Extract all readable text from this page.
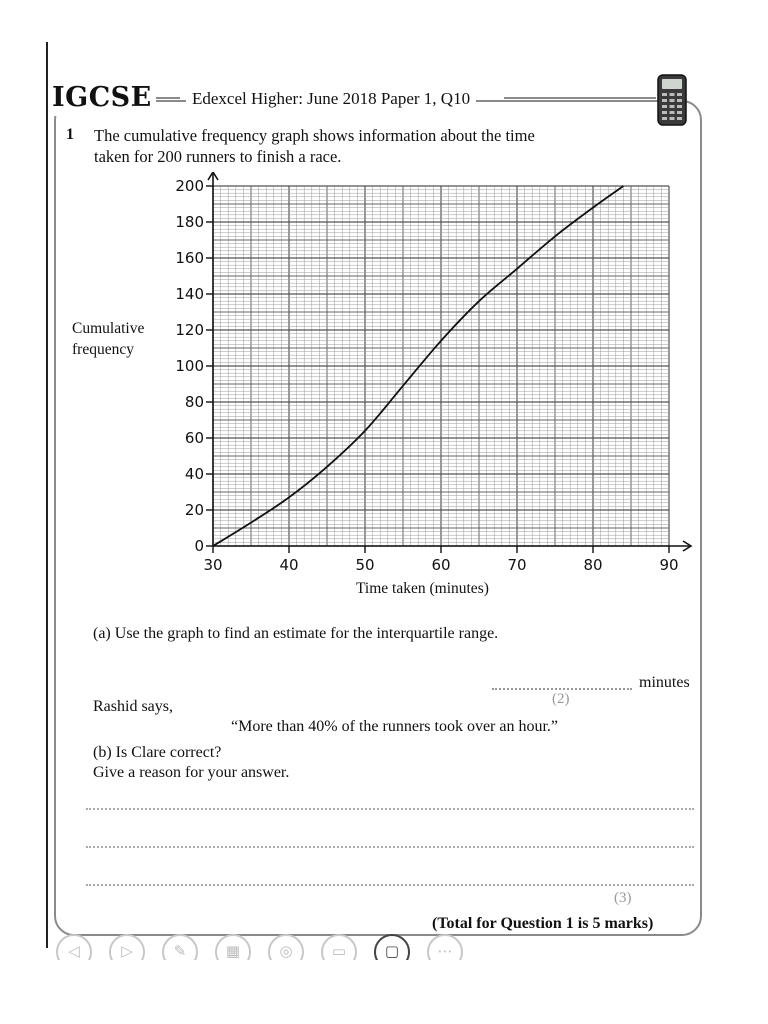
IGCSE	Edexcel Higher: June 2018 Paper 1, Q10
1 The cumulative frequency graph shows information about the time taken for 200 runners to finish a race.
Cumulative
frequency
0
20
40
60
80
100
120
140
160
180
200
30	40	50	60	70	80	90
Time taken (minutes)
(a) Use the graph to find an estimate for the interquartile range.
minutes
(2)
Rashid says,
“More than 40% of the runners took over an hour.”
(b) Is Clare correct?
Give a reason for your answer.
(3)
(Total for Question 1 is 5 marks)
◁	▷	✎	▦	◎	▭	▢	⋯
